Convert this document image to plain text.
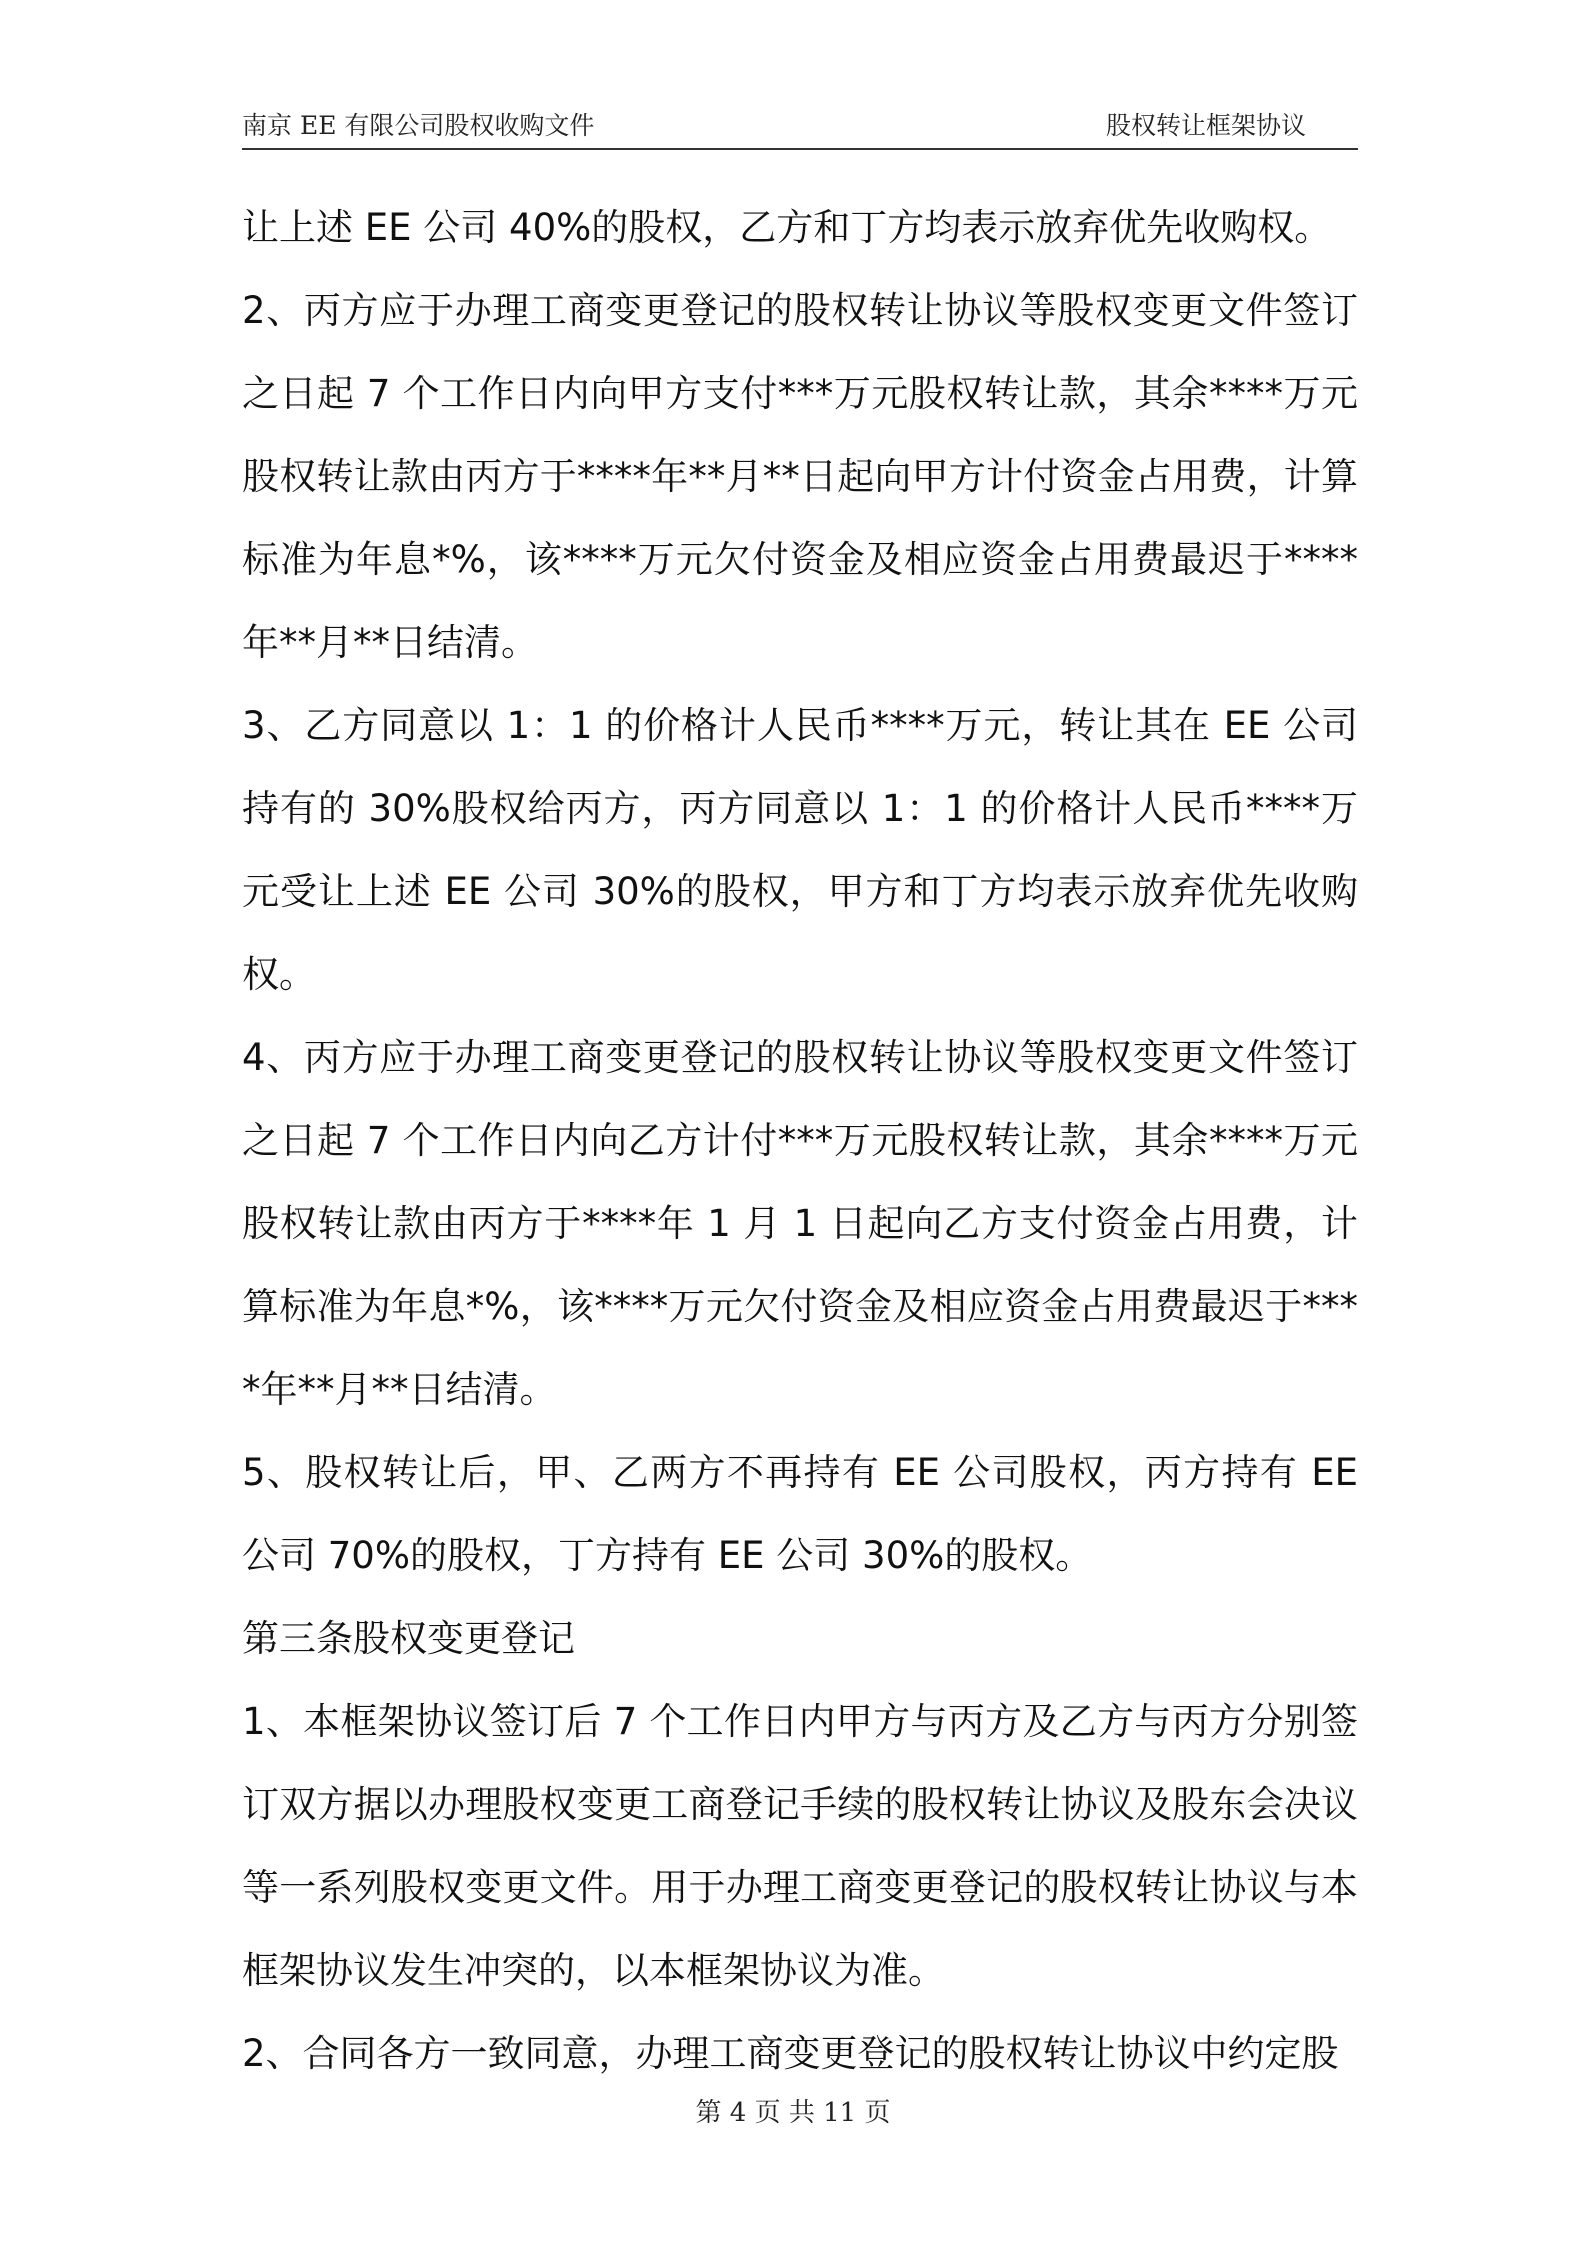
南京 EE 有限公司股权收购文件	股权转让框架协议

让上述 EE 公司 40%的股权，乙方和丁方均表示放弃优先收购权。

2、丙方应于办理工商变更登记的股权转让协议等股权变更文件签订之日起 7 个工作日内向甲方支付***万元股权转让款，其余****万元股权转让款由丙方于****年**月**日起向甲方计付资金占用费，计算标准为年息*%，该****万元欠付资金及相应资金占用费最迟于****年**月**日结清。

3、乙方同意以 1：1 的价格计人民币****万元，转让其在 EE 公司持有的 30%股权给丙方，丙方同意以 1：1 的价格计人民币****万元受让上述 EE 公司 30%的股权，甲方和丁方均表示放弃优先收购权。

4、丙方应于办理工商变更登记的股权转让协议等股权变更文件签订之日起 7 个工作日内向乙方计付***万元股权转让款，其余****万元股权转让款由丙方于****年 1 月 1 日起向乙方支付资金占用费，计算标准为年息*%，该****万元欠付资金及相应资金占用费最迟于****年**月**日结清。

5、股权转让后，甲、乙两方不再持有 EE 公司股权，丙方持有 EE 公司 70%的股权，丁方持有 EE 公司 30%的股权。

第三条股权变更登记

1、本框架协议签订后 7 个工作日内甲方与丙方及乙方与丙方分别签订双方据以办理股权变更工商登记手续的股权转让协议及股东会决议等一系列股权变更文件。用于办理工商变更登记的股权转让协议与本框架协议发生冲突的，以本框架协议为准。

2、合同各方一致同意，办理工商变更登记的股权转让协议中约定股

第 4 页 共 11 页
